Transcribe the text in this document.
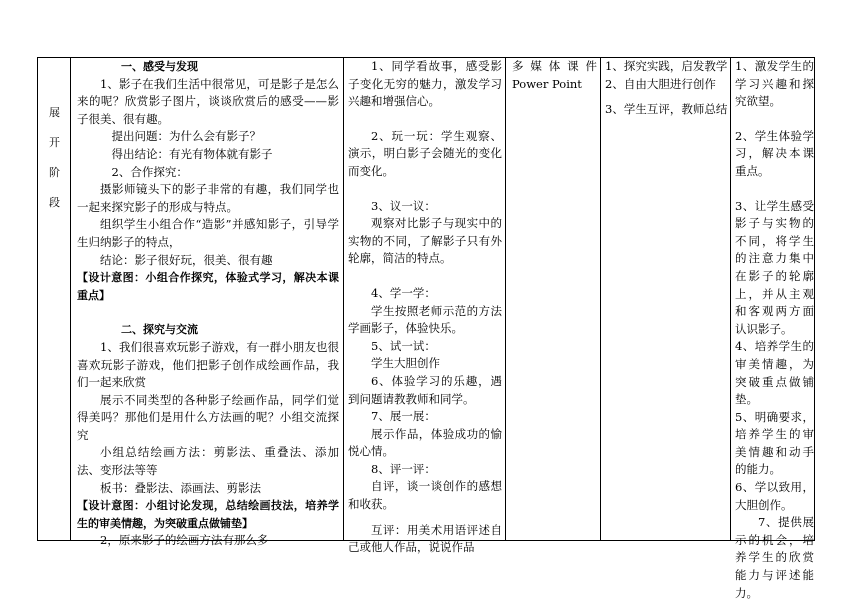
展
开
阶
段

一、感受与发现

1、影子在我们生活中很常见，可是影子是怎么来的呢？欣赏影子图片，谈谈欣赏后的感受——影子很美、很有趣。

提出问题：为什么会有影子？

得出结论：有光有物体就有影子

2、合作探究：

摄影师镜头下的影子非常的有趣，我们同学也一起来探究影子的形成与特点。

组织学生小组合作“造影”并感知影子，引导学生归纳影子的特点，

结论：影子很好玩，很美、很有趣

【设计意图：小组合作探究，体验式学习，解决本课重点】

二、探究与交流

1、我们很喜欢玩影子游戏，有一群小朋友也很喜欢玩影子游戏，他们把影子创作成绘画作品，我们一起来欣赏

展示不同类型的各种影子绘画作品，同学们觉得美吗？那他们是用什么方法画的呢？小组交流探究

小组总结绘画方法：剪影法、重叠法、添加法、变形法等等

板书：叠影法、添画法、剪影法

【设计意图：小组讨论发现，总结绘画技法，培养学生的审美情趣，为突破重点做铺垫】

2，原来影子的绘画方法有那么多

1、同学看故事，感受影子变化无穷的魅力，激发学习兴趣和增强信心。

2、玩一玩：学生观察、演示，明白影子会随光的变化而变化。

3、议一议：

观察对比影子与现实中的实物的不同，了解影子只有外轮廓，简洁的特点。

4、学一学：

学生按照老师示范的方法学画影子，体验快乐。

5、试一试：

学生大胆创作

6、体验学习的乐趣，遇到问题请教教师和同学。

7、展一展：

展示作品，体验成功的愉悦心情。

8、评一评：

自评，谈一谈创作的感想和收获。

互评：用美术用语评述自己或他人作品，说说作品

多 媒 体 课 件 Power Point

1、探究实践，启发教学

2、自由大胆进行创作

3、学生互评，教师总结

1、激发学生的学习兴趣和探究欲望。

2、学生体验学习，解决本课重点。

3、让学生感受影子与实物的不同，将学生的注意力集中在影子的轮廓上，并从主观和客观两方面认识影子。

4、培养学生的审美情趣，为突破重点做铺垫。

5、明确要求，培养学生的审美情趣和动手的能力。

6、学以致用，大胆创作。

7、提供展示的机会，培养学生的欣赏能力与评述能力。
